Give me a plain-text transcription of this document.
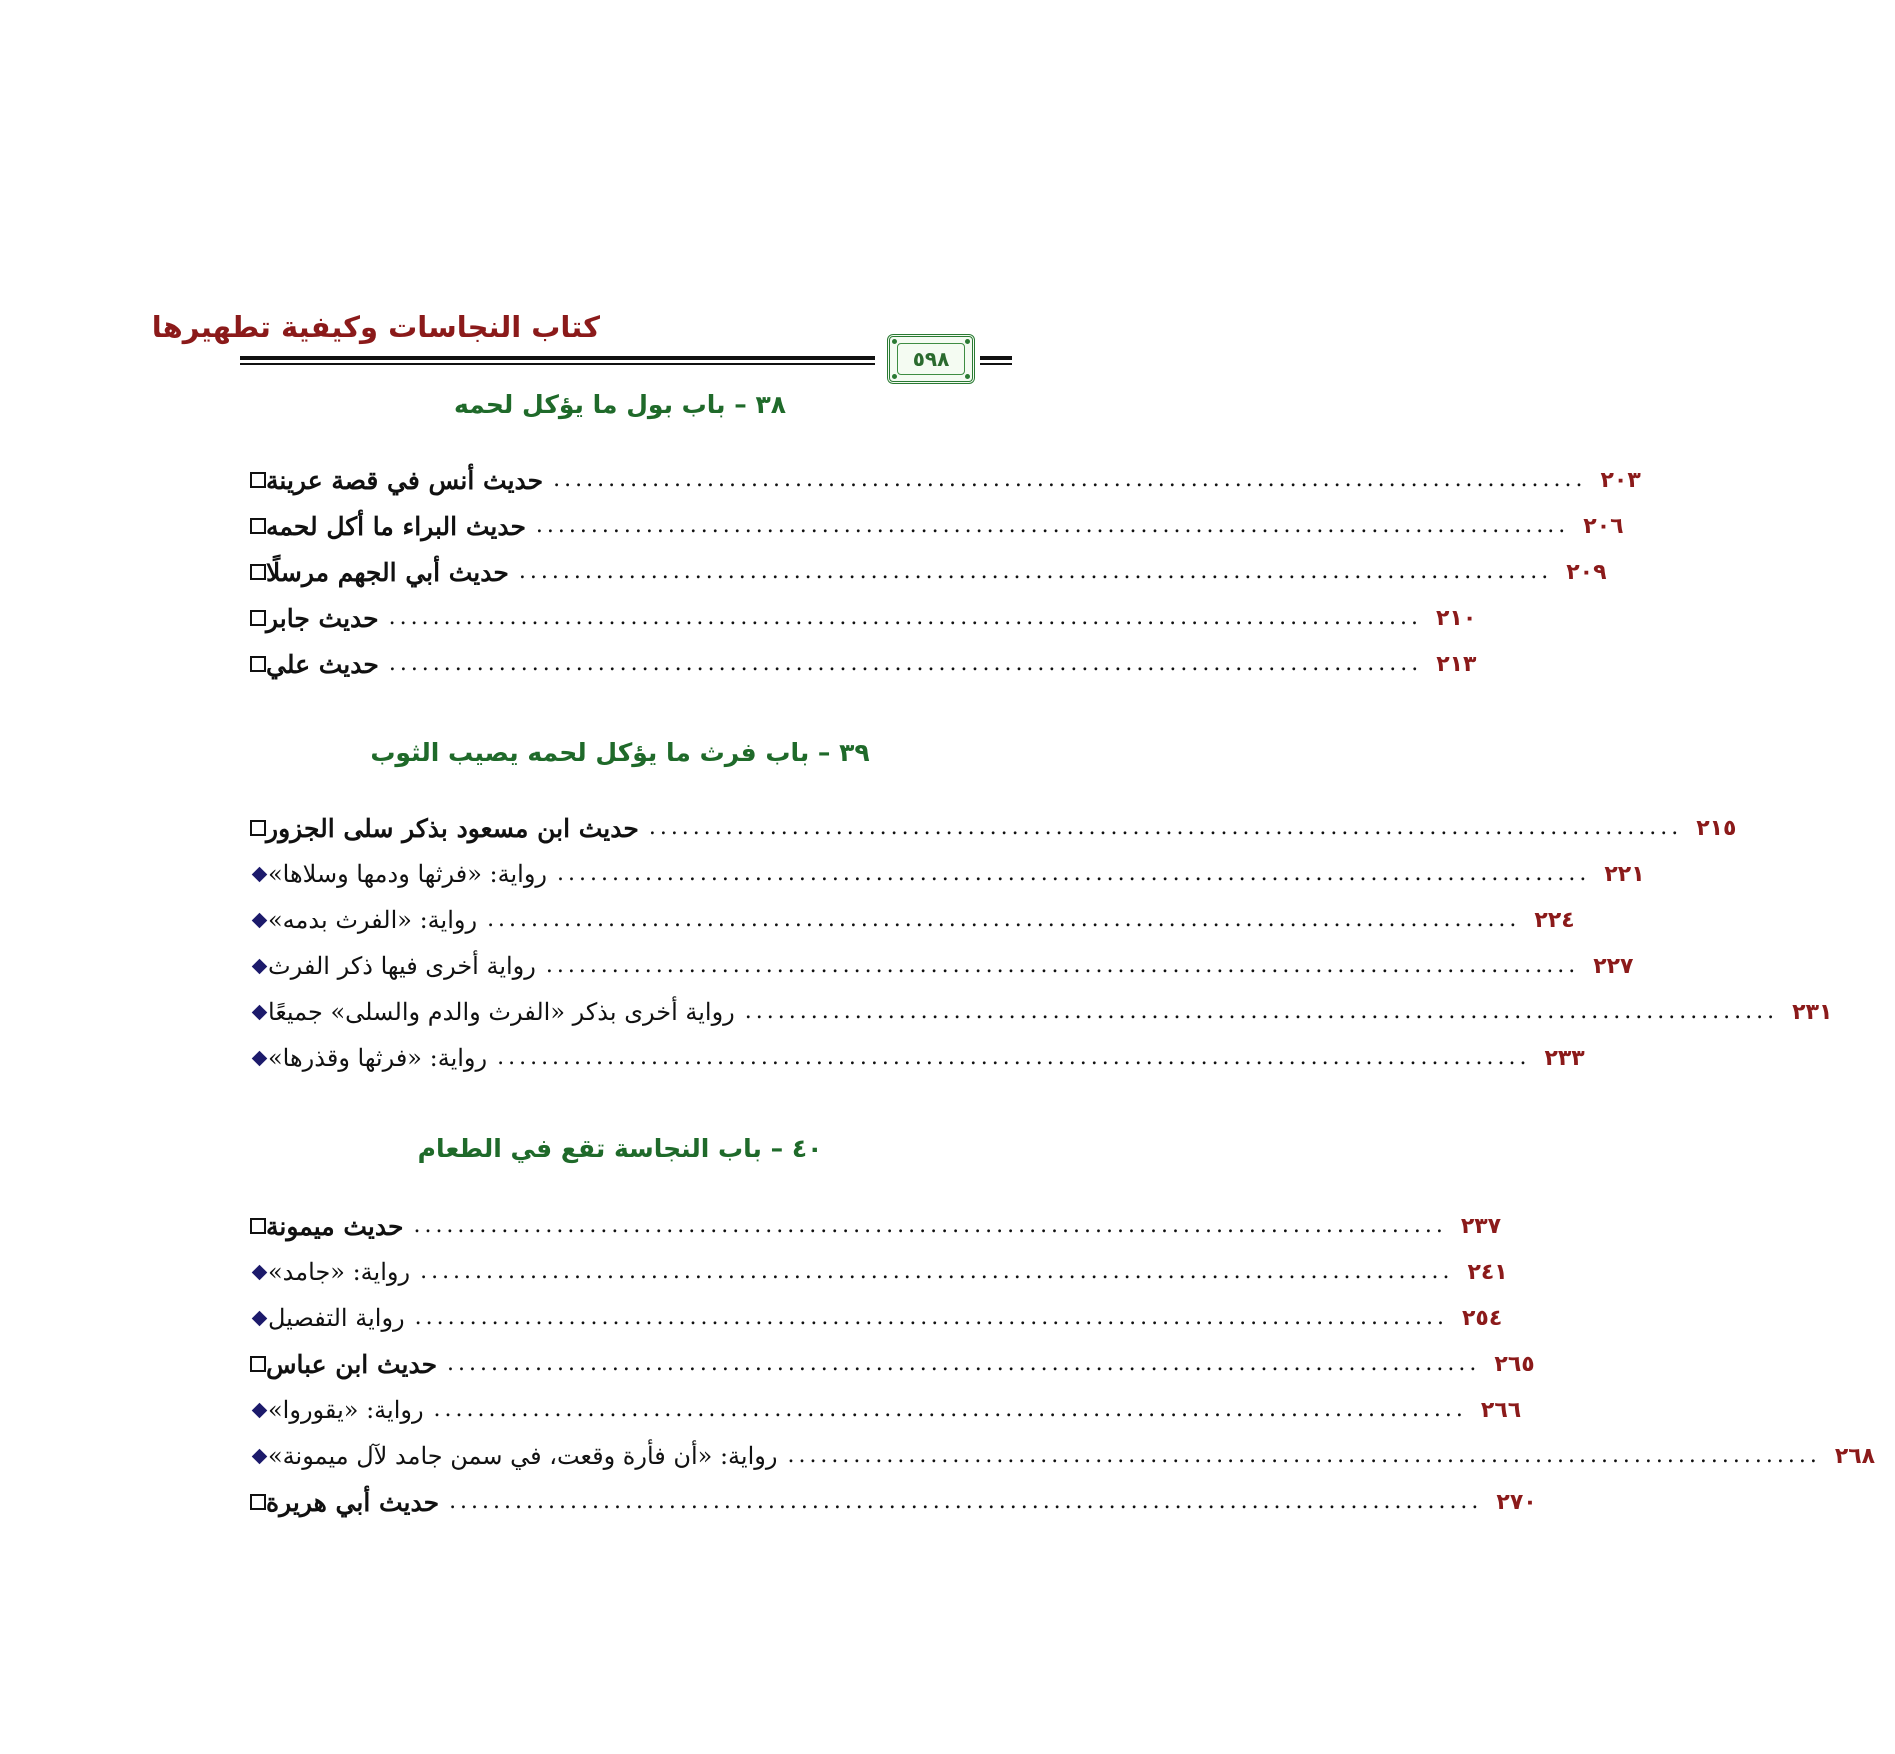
كتاب النجاسات وكيفية تطهيرها
٥٩٨
٣٨ – باب بول ما يؤكل لحمه
حديث أنس في قصة عرينة .............................................................................................. ٢٠٣
حديث البراء ما أكل لحمه .............................................................................................. ٢٠٦
حديث أبي الجهم مرسلًا .............................................................................................. ٢٠٩
حديث جابر .............................................................................................. ٢١٠
حديث علي .............................................................................................. ٢١٣
٣٩ – باب فرث ما يؤكل لحمه يصيب الثوب
حديث ابن مسعود بذكر سلى الجزور .............................................................................................. ٢١٥
رواية: «فرثها ودمها وسلاها» .............................................................................................. ٢٢١
رواية: «الفرث بدمه» .............................................................................................. ٢٢٤
رواية أخرى فيها ذكر الفرث .............................................................................................. ٢٢٧
رواية أخرى بذكر «الفرث والدم والسلى» جميعًا .............................................................................................. ٢٣١
رواية: «فرثها وقذرها» .............................................................................................. ٢٣٣
٤٠ – باب النجاسة تقع في الطعام
حديث ميمونة .............................................................................................. ٢٣٧
رواية: «جامد» .............................................................................................. ٢٤١
رواية التفصيل .............................................................................................. ٢٥٤
حديث ابن عباس .............................................................................................. ٢٦٥
رواية: «يقوروا» .............................................................................................. ٢٦٦
رواية: «أن فأرة وقعت، في سمن جامد لآل ميمونة» .............................................................................................. ٢٦٨
حديث أبي هريرة .............................................................................................. ٢٧٠
